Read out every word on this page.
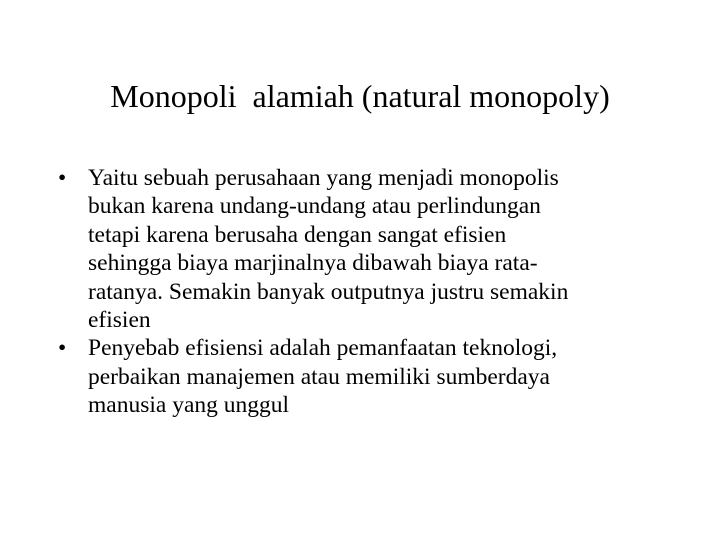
Monopoli  alamiah (natural monopoly)
• Yaitu sebuah perusahaan yang menjadi monopolis
bukan karena undang-undang atau perlindungan
tetapi karena berusaha dengan sangat efisien
sehingga biaya marjinalnya dibawah biaya rata-
ratanya. Semakin banyak outputnya justru semakin
efisien
• Penyebab efisiensi adalah pemanfaatan teknologi,
perbaikan manajemen atau memiliki sumberdaya
manusia yang unggul
